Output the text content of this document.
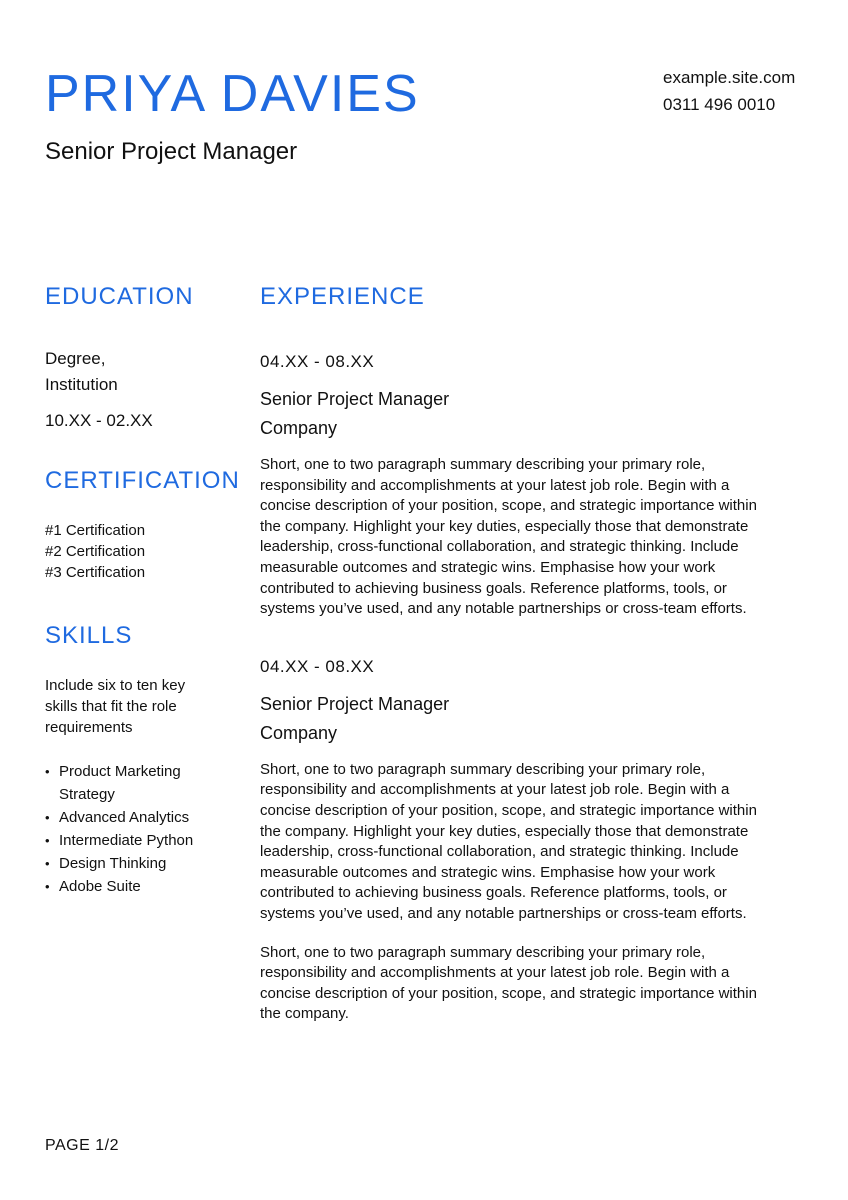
PRIYA DAVIES
Senior Project Manager
example.site.com
0311 496 0010
EDUCATION
Degree,
Institution
10.XX - 02.XX
CERTIFICATION
#1 Certification
#2 Certification
#3 Certification
SKILLS
Include six to ten key skills that fit the role requirements
• Product Marketing Strategy
• Advanced Analytics
• Intermediate Python
• Design Thinking
• Adobe Suite
EXPERIENCE
04.XX - 08.XX
Senior Project Manager
Company
Short, one to two paragraph summary describing your primary role, responsibility and accomplishments at your latest job role. Begin with a concise description of your position, scope, and strategic importance within the company. Highlight your key duties, especially those that demonstrate leadership, cross-functional collaboration, and strategic thinking. Include measurable outcomes and strategic wins. Emphasise how your work contributed to achieving business goals. Reference platforms, tools, or systems you’ve used, and any notable partnerships or cross-team efforts.
04.XX - 08.XX
Senior Project Manager
Company
Short, one to two paragraph summary describing your primary role, responsibility and accomplishments at your latest job role. Begin with a concise description of your position, scope, and strategic importance within the company. Highlight your key duties, especially those that demonstrate leadership, cross-functional collaboration, and strategic thinking. Include measurable outcomes and strategic wins. Emphasise how your work contributed to achieving business goals. Reference platforms, tools, or systems you’ve used, and any notable partnerships or cross-team efforts.
Short, one to two paragraph summary describing your primary role, responsibility and accomplishments at your latest job role. Begin with a concise description of your position, scope, and strategic importance within the company.
PAGE 1/2
